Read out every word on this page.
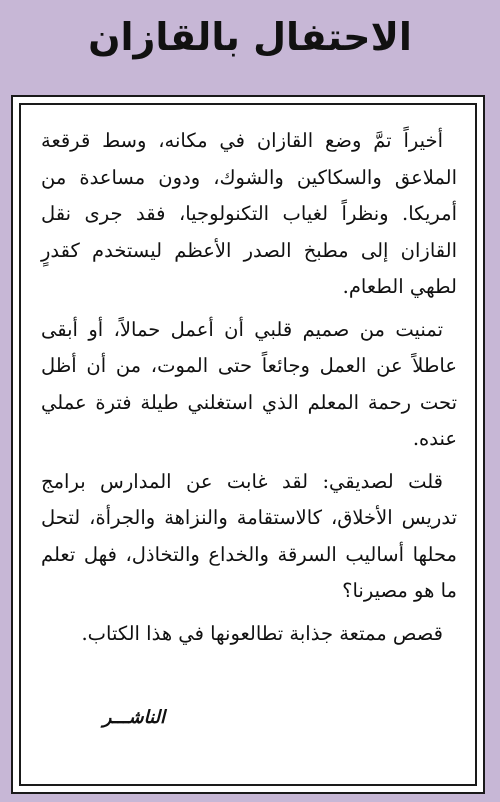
الاحتفال بالقازان

أخيراً تمَّ وضع القازان في مكانه، وسط قرقعة الملاعق والسكاكين والشوك، ودون مساعدة من أمريكا. ونظراً لغياب التكنولوجيا، فقد جرى نقل القازان إلى مطبخ الصدر الأعظم ليستخدم كقدرٍ لطهي الطعام.

تمنيت من صميم قلبي أن أعمل حمالاً، أو أبقى عاطلاً عن العمل وجائعاً حتى الموت، من أن أظل تحت رحمة المعلم الذي استغلني طيلة فترة عملي عنده.

قلت لصديقي: لقد غابت عن المدارس برامج تدريس الأخلاق، كالاستقامة والنزاهة والجرأة، لتحل محلها أساليب السرقة والخداع والتخاذل، فهل تعلم ما هو مصيرنا؟

قصص ممتعة جذابة تطالعونها في هذا الكتاب.

الناشـــر
